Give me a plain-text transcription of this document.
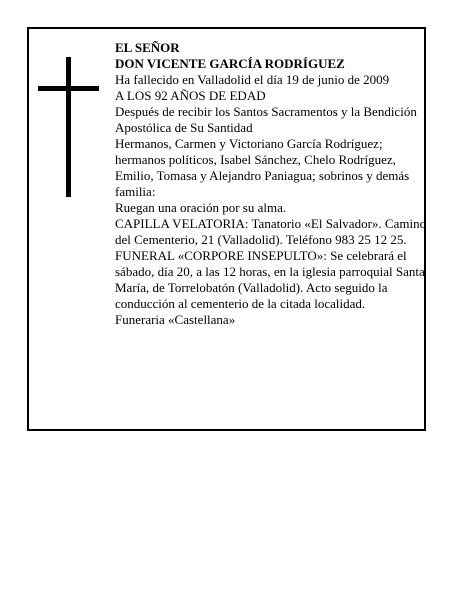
EL SEÑOR

DON VICENTE GARCÍA RODRÍGUEZ

Ha fallecido en Valladolid el día 19 de junio de 2009

A LOS 92 AÑOS DE EDAD

Después de recibir los Santos Sacramentos y la Bendición Apostólica de Su Santidad

Hermanos, Carmen y Victoriano García Rodríguez; hermanos políticos, Isabel Sánchez, Chelo Rodríguez, Emilio, Tomasa y Alejandro Paniagua; sobrinos y demás familia:

Ruegan una oración por su alma.

CAPILLA VELATORIA: Tanatorio «El Salvador». Camino del Cementerio, 21 (Valladolid). Teléfono 983 25 12 25.

FUNERAL «CORPORE INSEPULTO»: Se celebrará el sábado, día 20, a las 12 horas, en la iglesia parroquial Santa María, de Torrelobatón (Valladolid). Acto seguido la conducción al cementerio de la citada localidad.

Funeraria «Castellana»
